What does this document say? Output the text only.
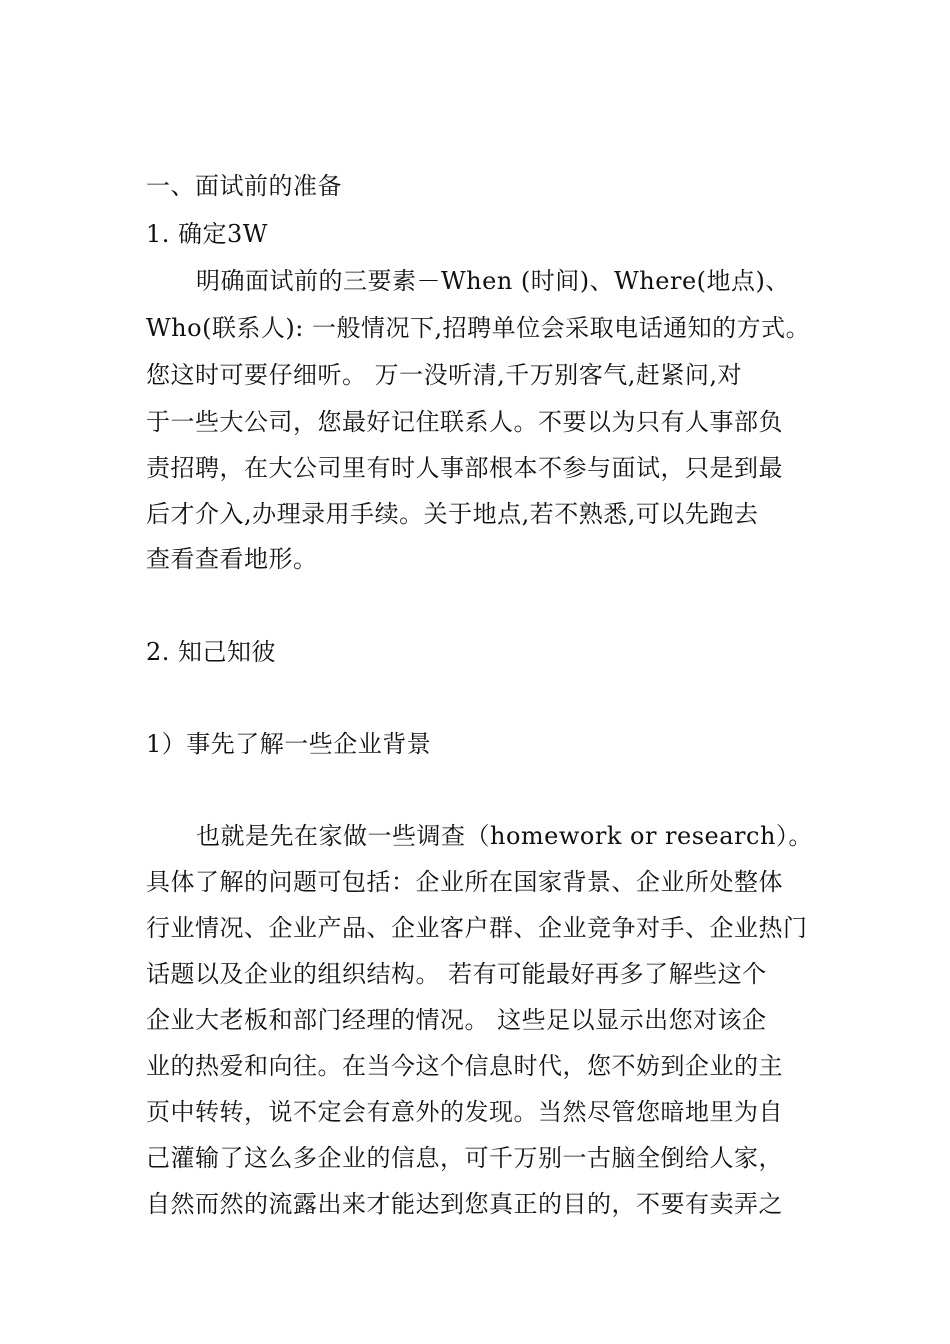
一、面试前的准备
1. 确定3W
明确面试前的三要素－When (时间)、Where(地点)、
Who(联系人): 一般情况下,招聘单位会采取电话通知的方式。
您这时可要仔细听。 万一没听清,千万别客气,赶紧问,对
于一些大公司，您最好记住联系人。不要以为只有人事部负
责招聘，在大公司里有时人事部根本不参与面试，只是到最
后才介入,办理录用手续。关于地点,若不熟悉,可以先跑去
查看查看地形。
2. 知己知彼
1）事先了解一些企业背景
也就是先在家做一些调查（homework or research）。
具体了解的问题可包括：企业所在国家背景、企业所处整体
行业情况、企业产品、企业客户群、企业竞争对手、企业热门
话题以及企业的组织结构。 若有可能最好再多了解些这个
企业大老板和部门经理的情况。 这些足以显示出您对该企
业的热爱和向往。在当今这个信息时代，您不妨到企业的主
页中转转，说不定会有意外的发现。当然尽管您暗地里为自
己灌输了这么多企业的信息，可千万别一古脑全倒给人家，
自然而然的流露出来才能达到您真正的目的，不要有卖弄之
